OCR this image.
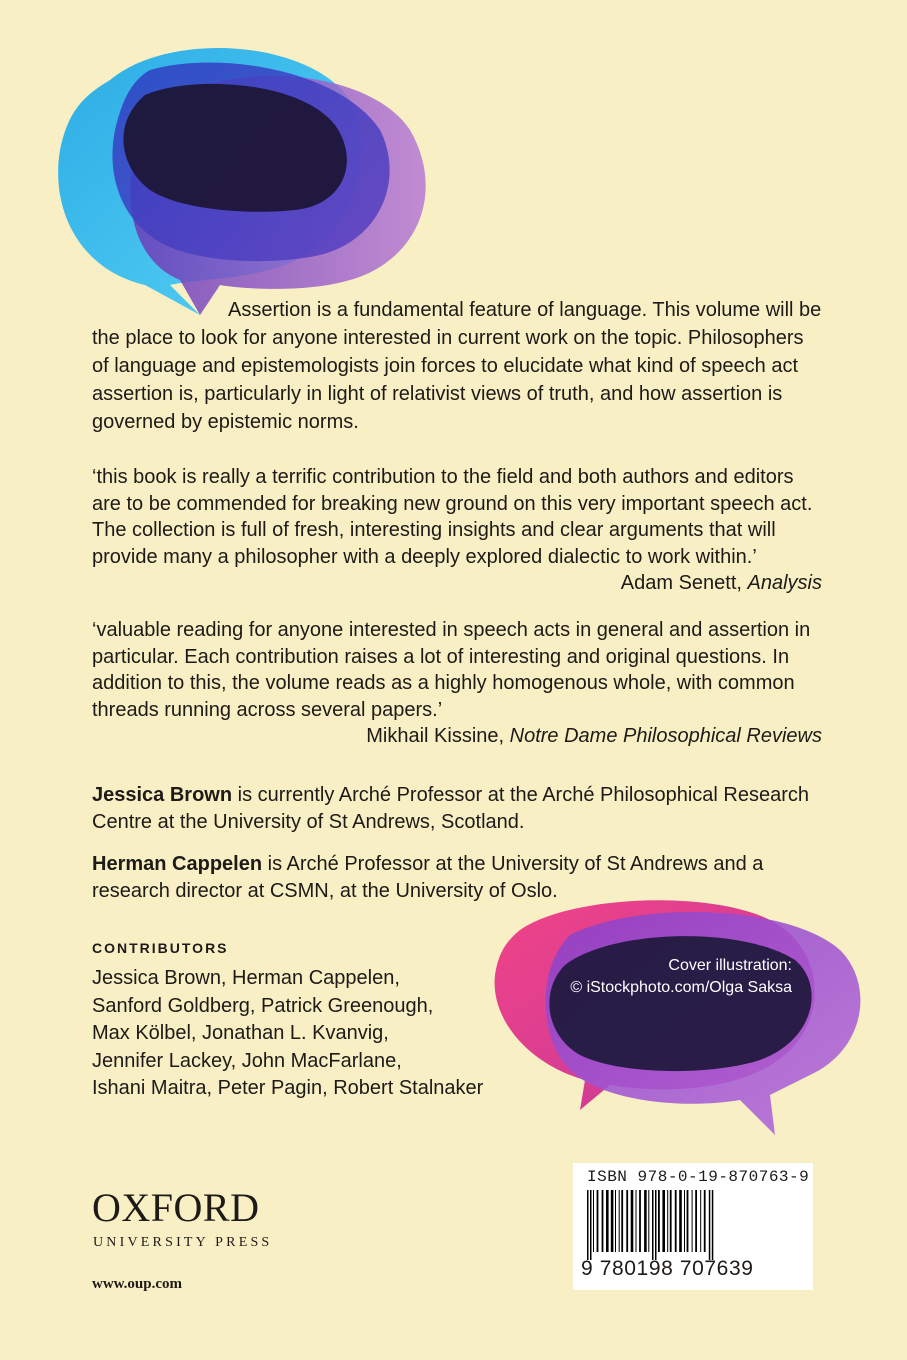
Assertion is a fundamental feature of language. This volume will be the place to look for anyone interested in current work on the topic. Philosophers of language and epistemologists join forces to elucidate what kind of speech act assertion is, particularly in light of relativist views of truth, and how assertion is governed by epistemic norms.
‘this book is really a terrific contribution to the field and both authors and editors are to be commended for breaking new ground on this very important speech act. The collection is full of fresh, interesting insights and clear arguments that will provide many a philosopher with a deeply explored dialectic to work within.’
Adam Senett, Analysis
‘valuable reading for anyone interested in speech acts in general and assertion in particular. Each contribution raises a lot of interesting and original questions. In addition to this, the volume reads as a highly homogenous whole, with common threads running across several papers.’
Mikhail Kissine, Notre Dame Philosophical Reviews
Jessica Brown is currently Arché Professor at the Arché Philosophical Research Centre at the University of St Andrews, Scotland.
Herman Cappelen is Arché Professor at the University of St Andrews and a research director at CSMN, at the University of Oslo.
CONTRIBUTORS
Jessica Brown, Herman Cappelen,
Sanford Goldberg, Patrick Greenough,
Max Kölbel, Jonathan L. Kvanvig,
Jennifer Lackey, John MacFarlane,
Ishani Maitra, Peter Pagin, Robert Stalnaker
Cover illustration:
© iStockphoto.com/Olga Saksa
OXFORD
UNIVERSITY PRESS
www.oup.com
ISBN 978-0-19-870763-9
9 780198 707639
